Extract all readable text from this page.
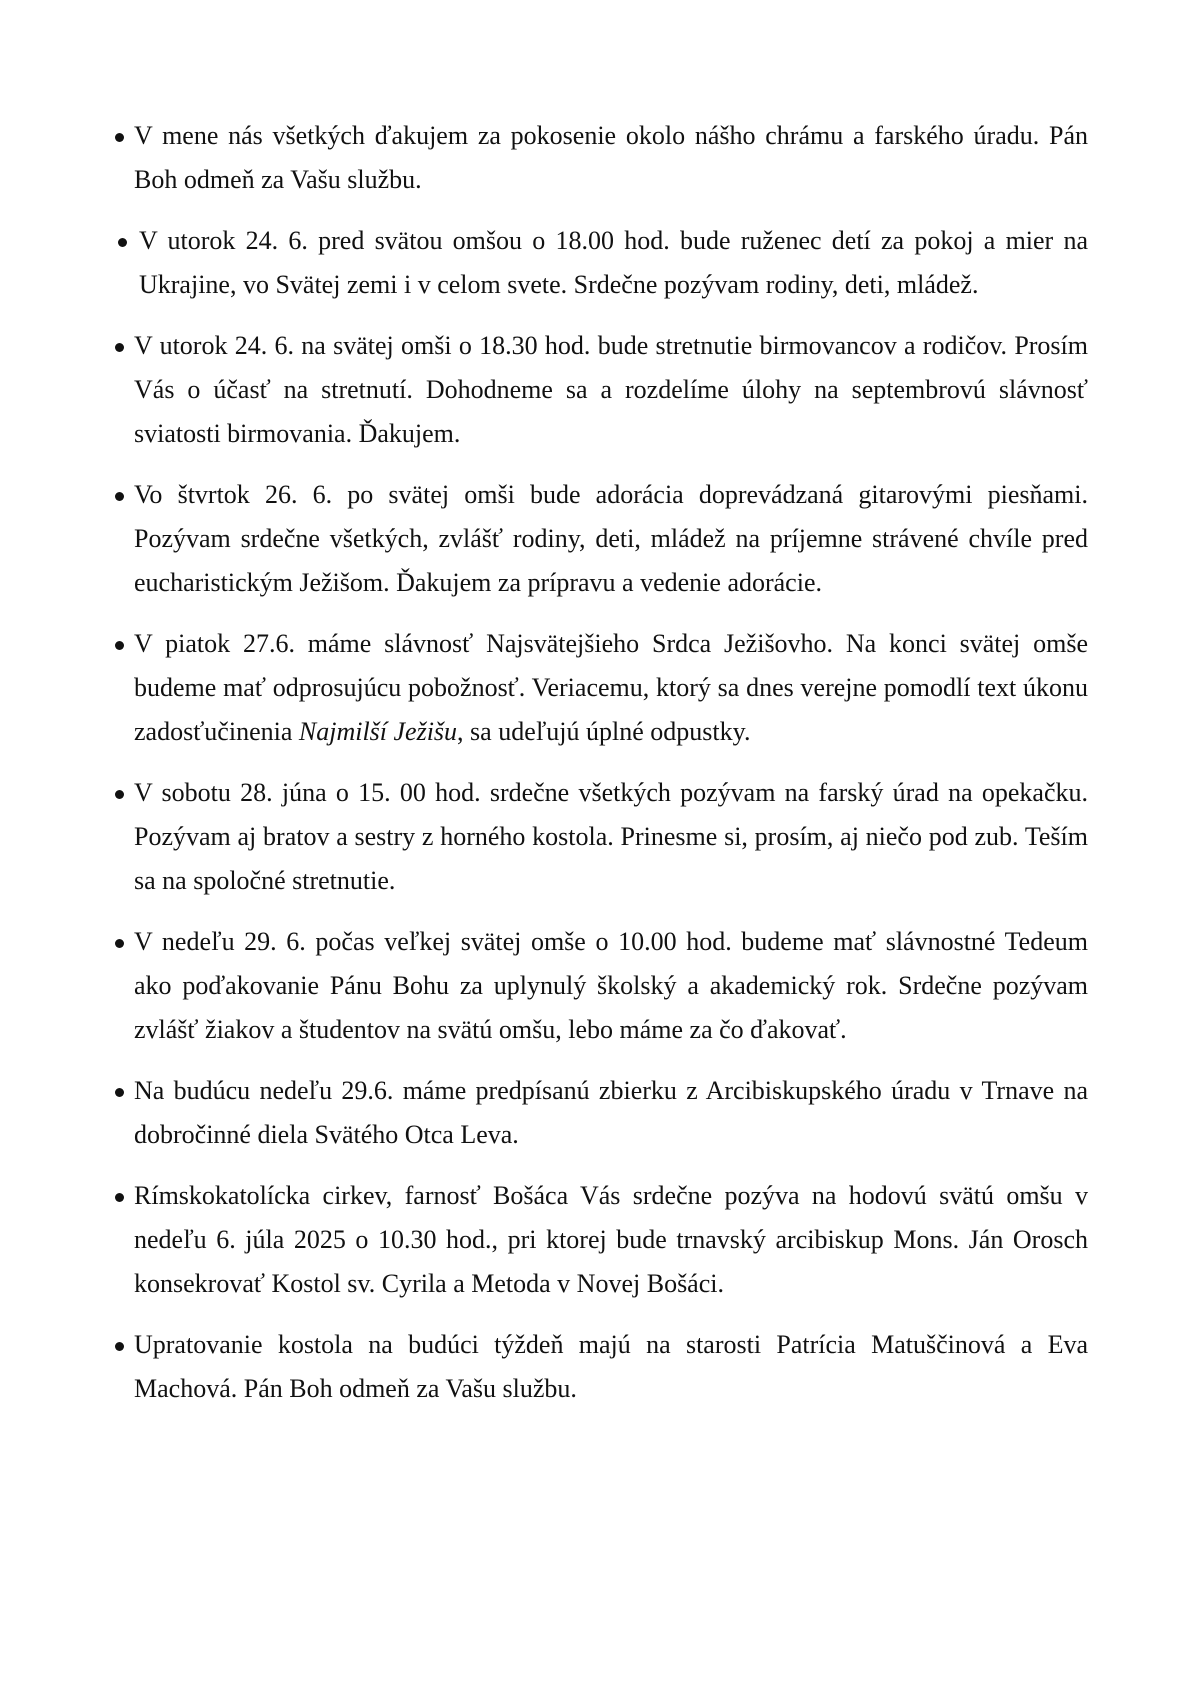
V mene nás všetkých ďakujem za pokosenie okolo nášho chrámu a farského úradu. Pán Boh odmeň za Vašu službu.
V utorok 24. 6. pred svätou omšou o 18.00 hod. bude ruženec detí za pokoj a mier na Ukrajine, vo Svätej zemi i v celom svete. Srdečne pozývam rodiny, deti, mládež.
V utorok 24. 6. na svätej omši o 18.30 hod. bude stretnutie birmovancov a rodičov. Prosím Vás o účasť na stretnutí. Dohodneme sa a rozdelíme úlohy na septembrovú slávnosť sviatosti birmovania. Ďakujem.
Vo štvrtok 26. 6. po svätej omši bude adorácia doprevádzaná gitarovými piesňami. Pozývam srdečne všetkých, zvlášť rodiny, deti, mládež na príjemne strávené chvíle pred eucharistickým Ježišom. Ďakujem za prípravu a vedenie adorácie.
V piatok 27.6. máme slávnosť Najsvätejšieho Srdca Ježišovho. Na konci svätej omše budeme mať odprosujúcu pobožnosť. Veriacemu, ktorý sa dnes verejne pomodlí text úkonu zadosťučinenia Najmilší Ježišu, sa udeľujú úplné odpustky.
V sobotu 28. júna o 15. 00 hod. srdečne všetkých pozývam na farský úrad na opekačku. Pozývam aj bratov a sestry z horného kostola. Prinesme si, prosím, aj niečo pod zub. Teším sa na spoločné stretnutie.
V nedeľu 29. 6. počas veľkej svätej omše o 10.00 hod. budeme mať slávnostné Tedeum ako poďakovanie Pánu Bohu za uplynulý školský a akademický rok. Srdečne pozývam zvlášť žiakov a študentov na svätú omšu, lebo máme za čo ďakovať.
Na budúcu nedeľu 29.6. máme predpísanú zbierku z Arcibiskupského úradu v Trnave na dobročinné diela Svätého Otca Leva.
Rímskokatolícka cirkev, farnosť Bošáca Vás srdečne pozýva na hodovú svätú omšu v nedeľu 6. júla 2025 o 10.30 hod., pri ktorej bude trnavský arcibiskup Mons. Ján Orosch konsekrovať Kostol sv. Cyrila a Metoda v Novej Bošáci.
Upratovanie kostola na budúci týždeň majú na starosti Patrícia Matuščinová a Eva Machová. Pán Boh odmeň za Vašu službu.
